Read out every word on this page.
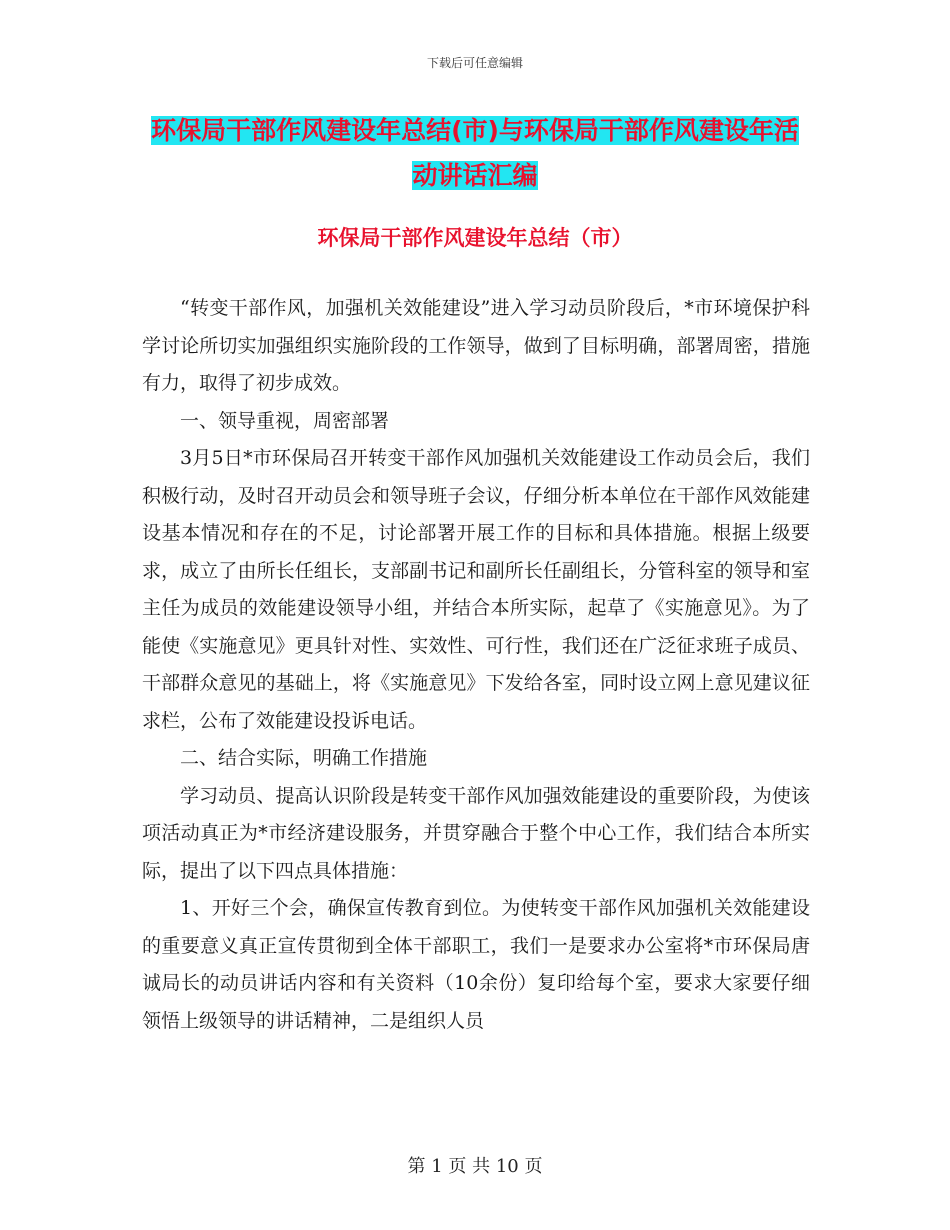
下载后可任意编辑
环保局干部作风建设年总结(市)与环保局干部作风建设年活动讲话汇编
环保局干部作风建设年总结（市）

“转变干部作风，加强机关效能建设”进入学习动员阶段后，*市环境保护科学讨论所切实加强组织实施阶段的工作领导，做到了目标明确，部署周密，措施有力，取得了初步成效。

一、领导重视，周密部署

3月5日*市环保局召开转变干部作风加强机关效能建设工作动员会后，我们积极行动，及时召开动员会和领导班子会议，仔细分析本单位在干部作风效能建设基本情况和存在的不足，讨论部署开展工作的目标和具体措施。根据上级要求，成立了由所长任组长，支部副书记和副所长任副组长，分管科室的领导和室主任为成员的效能建设领导小组，并结合本所实际，起草了《实施意见》。为了能使《实施意见》更具针对性、实效性、可行性，我们还在广泛征求班子成员、干部群众意见的基础上，将《实施意见》下发给各室，同时设立网上意见建议征求栏，公布了效能建设投诉电话。

二、结合实际，明确工作措施

学习动员、提高认识阶段是转变干部作风加强效能建设的重要阶段，为使该项活动真正为*市经济建设服务，并贯穿融合于整个中心工作，我们结合本所实际，提出了以下四点具体措施：

1、开好三个会，确保宣传教育到位。为使转变干部作风加强机关效能建设的重要意义真正宣传贯彻到全体干部职工，我们一是要求办公室将*市环保局唐诚局长的动员讲话内容和有关资料（10余份）复印给每个室，要求大家要仔细领悟上级领导的讲话精神，二是组织人员

第 1 页 共 10 页
